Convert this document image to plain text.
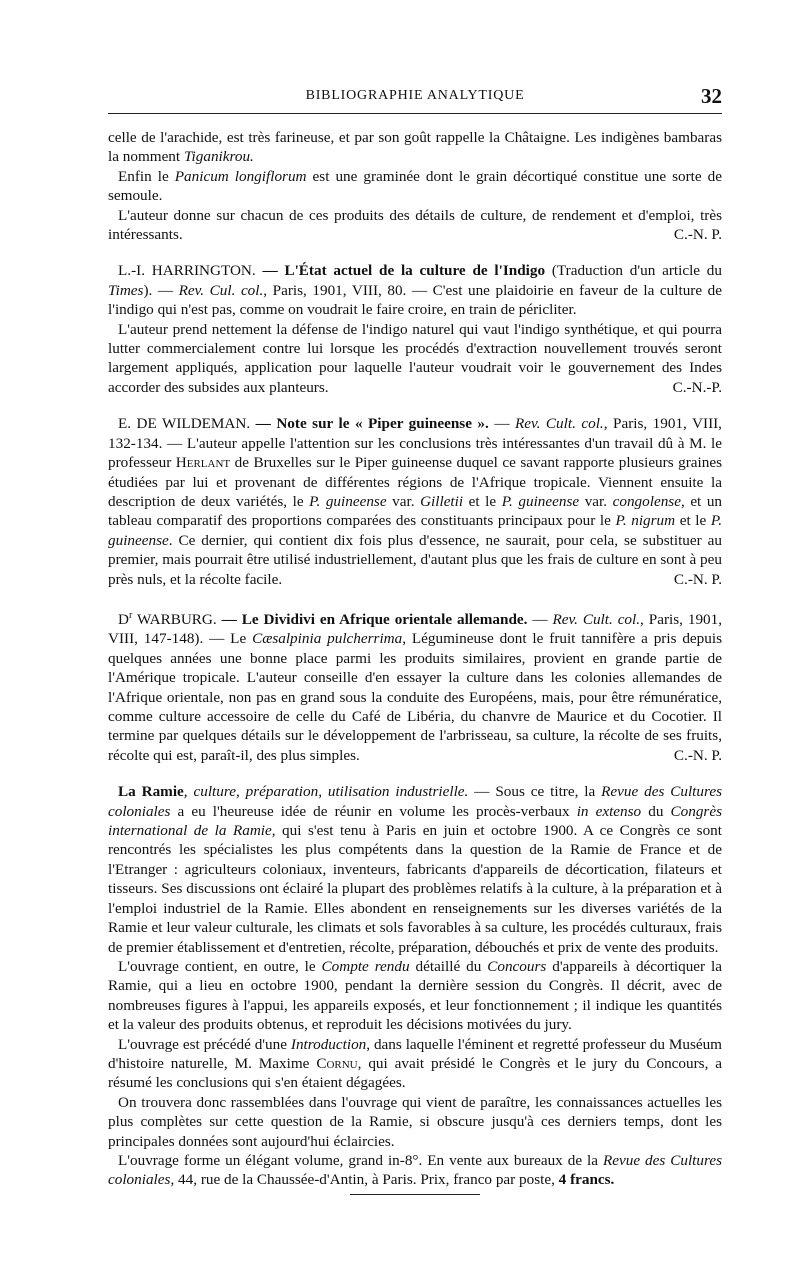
BIBLIOGRAPHIE ANALYTIQUE	32

celle de l'arachide, est très farineuse, et par son goût rappelle la Châtaigne. Les indigènes bambaras la nomment Tiganikrou.

Enfin le Panicum longiflorum est une graminée dont le grain décortiqué constitue une sorte de semoule.

L'auteur donne sur chacun de ces produits des détails de culture, de rendement et d'emploi, très intéressants.	C.-N. P.

L.-I. HARRINGTON. — L'État actuel de la culture de l'Indigo (Traduction d'un article du Times). — Rev. Cul. col., Paris, 1901, VIII, 80. — C'est une plaidoirie en faveur de la culture de l'indigo qui n'est pas, comme on voudrait le faire croire, en train de péricliter.

L'auteur prend nettement la défense de l'indigo naturel qui vaut l'indigo synthétique, et qui pourra lutter commercialement contre lui lorsque les procédés d'extraction nouvellement trouvés seront largement appliqués, application pour laquelle l'auteur voudrait voir le gouvernement des Indes accorder des subsides aux planteurs.	C.-N.-P.

E. DE WILDEMAN. — Note sur le « Piper guineense ». — Rev. Cult. col., Paris, 1901, VIII, 132-134. — L'auteur appelle l'attention sur les conclusions très intéressantes d'un travail dû à M. le professeur Herlant de Bruxelles sur le Piper guineense duquel ce savant rapporte plusieurs graines étudiées par lui et provenant de différentes régions de l'Afrique tropicale. Viennent ensuite la description de deux variétés, le P. guineense var. Gilletii et le P. guineense var. congolense, et un tableau comparatif des proportions comparées des constituants principaux pour le P. nigrum et le P. guineense. Ce dernier, qui contient dix fois plus d'essence, ne saurait, pour cela, se substituer au premier, mais pourrait être utilisé industriellement, d'autant plus que les frais de culture en sont à peu près nuls, et la récolte facile.	C.-N. P.

$D^r$ WARBURG. — Le Dividivi en Afrique orientale allemande. — Rev. Cult. col., Paris, 1901, VIII, 147-148). — Le Cæsalpinia pulcherrima, Légumineuse dont le fruit tannifère a pris depuis quelques années une bonne place parmi les produits similaires, provient en grande partie de l'Amérique tropicale. L'auteur conseille d'en essayer la culture dans les colonies allemandes de l'Afrique orientale, non pas en grand sous la conduite des Européens, mais, pour être rémunératice, comme culture accessoire de celle du Café de Libéria, du chanvre de Maurice et du Cocotier. Il termine par quelques détails sur le développement de l'arbrisseau, sa culture, la récolte de ses fruits, récolte qui est, paraît-il, des plus simples.	C.-N. P.

La Ramie, culture, préparation, utilisation industrielle. — Sous ce titre, la Revue des Cultures coloniales a eu l'heureuse idée de réunir en volume les procès-verbaux in extenso du Congrès international de la Ramie, qui s'est tenu à Paris en juin et octobre 1900. A ce Congrès ce sont rencontrés les spécialistes les plus compétents dans la question de la Ramie de France et de l'Etranger : agriculteurs coloniaux, inventeurs, fabricants d'appareils de décortication, filateurs et tisseurs. Ses discussions ont éclairé la plupart des problèmes relatifs à la culture, à la préparation et à l'emploi industriel de la Ramie. Elles abondent en renseignements sur les diverses variétés de la Ramie et leur valeur culturale, les climats et sols favorables à sa culture, les procédés culturaux, frais de premier établissement et d'entretien, récolte, préparation, débouchés et prix de vente des produits.

L'ouvrage contient, en outre, le Compte rendu détaillé du Concours d'appareils à décortiquer la Ramie, qui a lieu en octobre 1900, pendant la dernière session du Congrès. Il décrit, avec de nombreuses figures à l'appui, les appareils exposés, et leur fonctionnement ; il indique les quantités et la valeur des produits obtenus, et reproduit les décisions motivées du jury.

L'ouvrage est précédé d'une Introduction, dans laquelle l'éminent et regretté professeur du Muséum d'histoire naturelle, M. Maxime Cornu, qui avait présidé le Congrès et le jury du Concours, a résumé les conclusions qui s'en étaient dégagées.

On trouvera donc rassemblées dans l'ouvrage qui vient de paraître, les connaissances actuelles les plus complètes sur cette question de la Ramie, si obscure jusqu'à ces derniers temps, dont les principales données sont aujourd'hui éclaircies.

L'ouvrage forme un élégant volume, grand in-8°. En vente aux bureaux de la Revue des Cultures coloniales, 44, rue de la Chaussée-d'Antin, à Paris. Prix, franco par poste, 4 francs.
